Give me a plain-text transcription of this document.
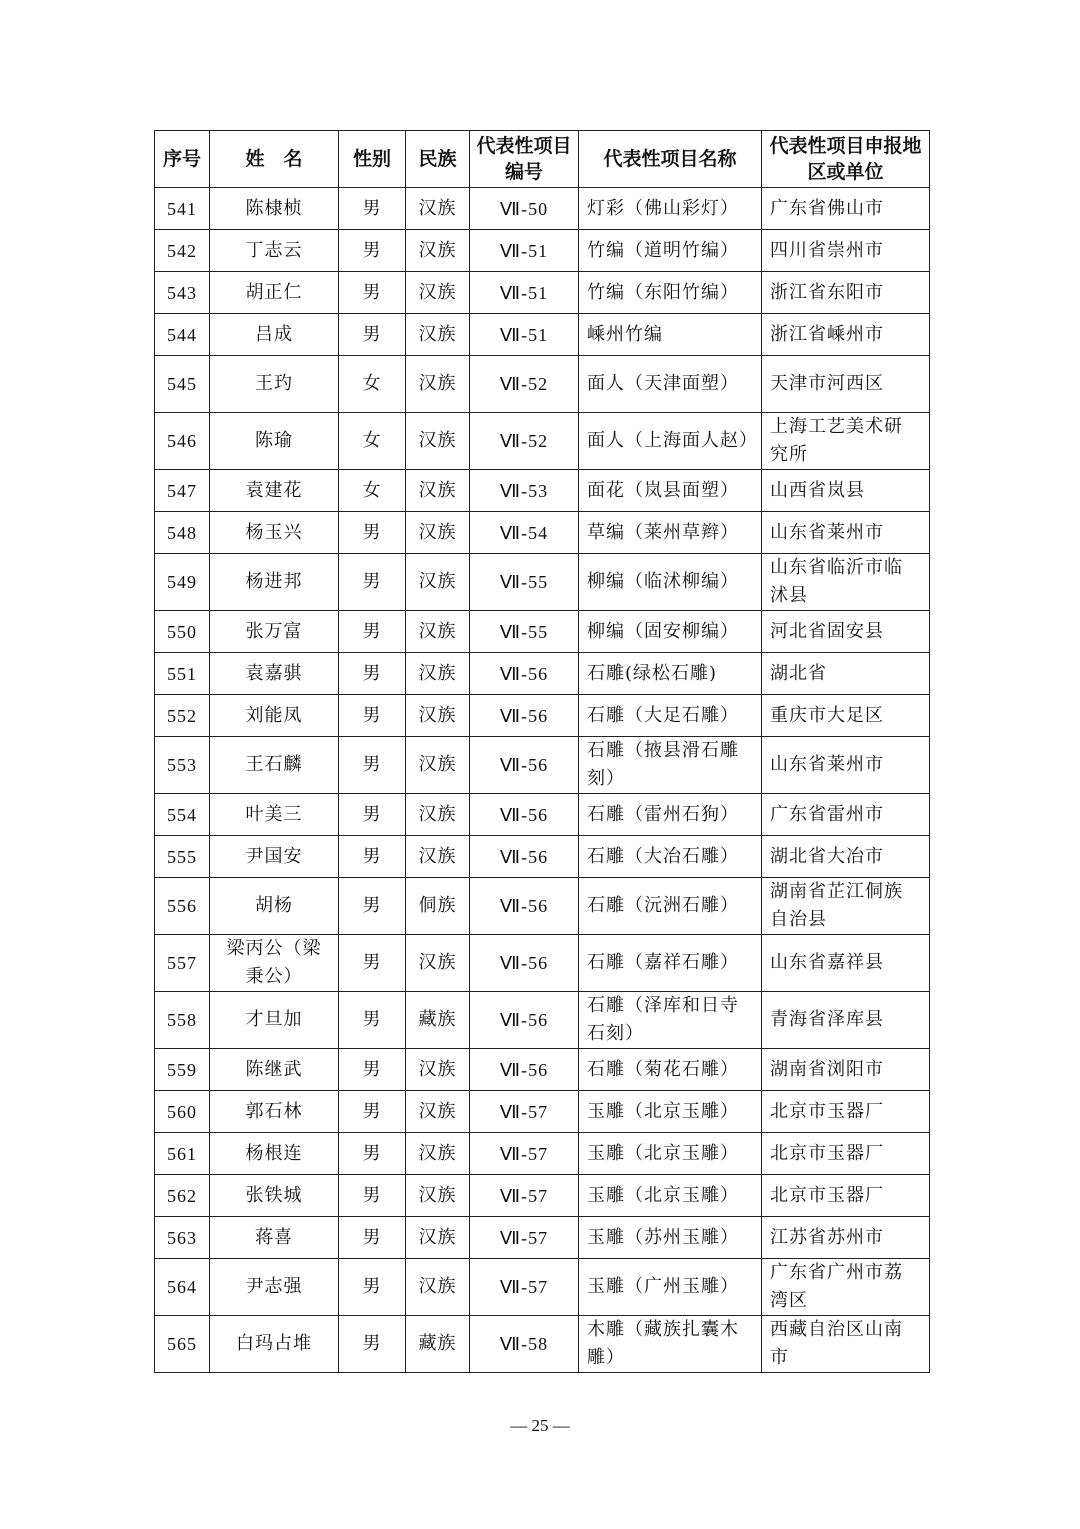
序号	姓　名	性别	民族	代表性项目编号	代表性项目名称	代表性项目申报地区或单位
541	陈棣桢	男	汉族	Ⅶ-50	灯彩（佛山彩灯）	广东省佛山市
542	丁志云	男	汉族	Ⅶ-51	竹编（道明竹编）	四川省崇州市
543	胡正仁	男	汉族	Ⅶ-51	竹编（东阳竹编）	浙江省东阳市
544	吕成	男	汉族	Ⅶ-51	嵊州竹编	浙江省嵊州市
545	王玓	女	汉族	Ⅶ-52	面人（天津面塑）	天津市河西区
546	陈瑜	女	汉族	Ⅶ-52	面人（上海面人赵）	上海工艺美术研究所
547	袁建花	女	汉族	Ⅶ-53	面花（岚县面塑）	山西省岚县
548	杨玉兴	男	汉族	Ⅶ-54	草编（莱州草辫）	山东省莱州市
549	杨进邦	男	汉族	Ⅶ-55	柳编（临沭柳编）	山东省临沂市临沭县
550	张万富	男	汉族	Ⅶ-55	柳编（固安柳编）	河北省固安县
551	袁嘉骐	男	汉族	Ⅶ-56	石雕(绿松石雕)	湖北省
552	刘能凤	男	汉族	Ⅶ-56	石雕（大足石雕）	重庆市大足区
553	王石麟	男	汉族	Ⅶ-56	石雕（掖县滑石雕刻）	山东省莱州市
554	叶美三	男	汉族	Ⅶ-56	石雕（雷州石狗）	广东省雷州市
555	尹国安	男	汉族	Ⅶ-56	石雕（大冶石雕）	湖北省大冶市
556	胡杨	男	侗族	Ⅶ-56	石雕（沅洲石雕）	湖南省芷江侗族自治县
557	梁丙公（梁秉公）	男	汉族	Ⅶ-56	石雕（嘉祥石雕）	山东省嘉祥县
558	才旦加	男	藏族	Ⅶ-56	石雕（泽库和日寺石刻）	青海省泽库县
559	陈继武	男	汉族	Ⅶ-56	石雕（菊花石雕）	湖南省浏阳市
560	郭石林	男	汉族	Ⅶ-57	玉雕（北京玉雕）	北京市玉器厂
561	杨根连	男	汉族	Ⅶ-57	玉雕（北京玉雕）	北京市玉器厂
562	张铁城	男	汉族	Ⅶ-57	玉雕（北京玉雕）	北京市玉器厂
563	蒋喜	男	汉族	Ⅶ-57	玉雕（苏州玉雕）	江苏省苏州市
564	尹志强	男	汉族	Ⅶ-57	玉雕（广州玉雕）	广东省广州市荔湾区
565	白玛占堆	男	藏族	Ⅶ-58	木雕（藏族扎囊木雕）	西藏自治区山南市
— 25 —
